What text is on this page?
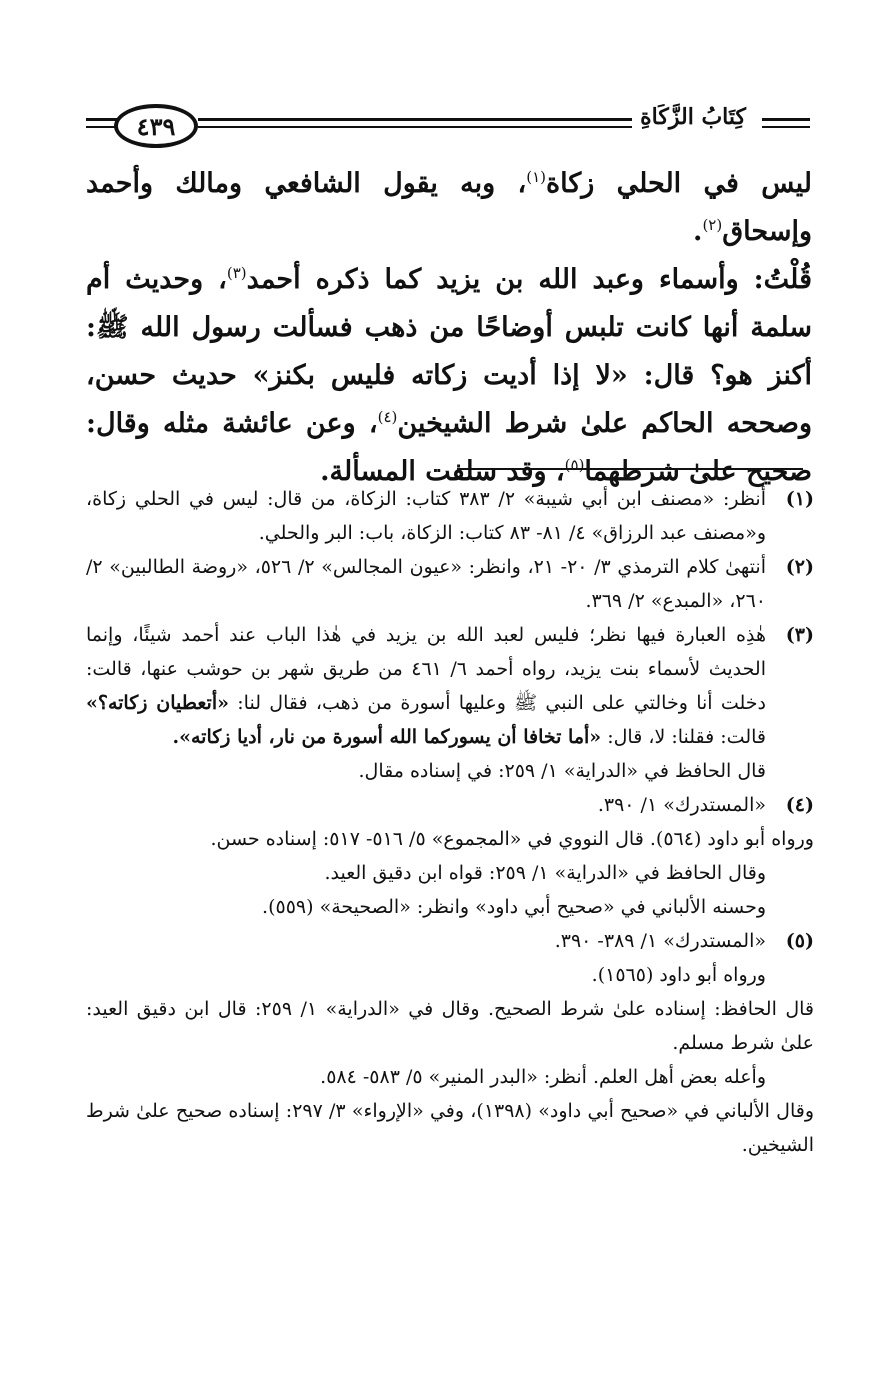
٤٣٩	كِتَابُ الزَّكَاةِ

ليس في الحلي زكاة$^{(١)}$، وبه يقول الشافعي ومالك وأحمد وإسحاق$^{(٢)}$.

قُلْتُ: وأسماء وعبد الله بن يزيد كما ذكره أحمد$^{(٣)}$، وحديث أم سلمة أنها كانت تلبس أوضاحًا من ذهب فسألت رسول الله ﷺ: أكنز هو؟ قال: «لا إذا أديت زكاته فليس بكنز» حديث حسن، وصححه الحاكم علىٰ شرط الشيخين$^{(٤)}$، وعن عائشة مثله وقال: صحيح علىٰ شرطهما$^{(٥)}$، وقد سلفت المسألة.

(١)
أنظر: «مصنف ابن أبي شيبة» ٢/ ٣٨٣ كتاب: الزكاة، من قال: ليس في الحلي زكاة، و«مصنف عبد الرزاق» ٤/ ٨١- ٨٣ كتاب: الزكاة، باب: البر والحلي.
(٢)
أنتهىٰ كلام الترمذي ٣/ ٢٠- ٢١، وانظر: «عيون المجالس» ٢/ ٥٢٦، «روضة الطالبين» ٢/ ٢٦٠، «المبدع» ٢/ ٣٦٩.
(٣)

هٰذِه العبارة فيها نظر؛ فليس لعبد الله بن يزيد في هٰذا الباب عند أحمد شيئًا، وإنما الحديث لأسماء بنت يزيد، رواه أحمد ٦/ ٤٦١ من طريق شهر بن حوشب عنها، قالت: دخلت أنا وخالتي على النبي ﷺ وعليها أسورة من ذهب، فقال لنا: «أتعطيان زكاته؟» قالت: فقلنا: لا، قال: «أما تخافا أن يسوركما الله أسورة من نار، أديا زكاته».

قال الحافظ في «الدراية» ١/ ٢٥٩: في إسناده مقال.

(٤)
«المستدرك» ١/ ٣٩٠.

ورواه أبو داود (٥٦٤). قال النووي في «المجموع» ٥/ ٥١٦- ٥١٧: إسناده حسن.

وقال الحافظ في «الدراية» ١/ ٢٥٩: قواه ابن دقيق العيد.

وحسنه الألباني في «صحيح أبي داود» وانظر: «الصحيحة» (٥٥٩).

(٥)
«المستدرك» ١/ ٣٨٩- ٣٩٠.

ورواه أبو داود (١٥٦٥).

قال الحافظ: إسناده علىٰ شرط الصحيح. وقال في «الدراية» ١/ ٢٥٩: قال ابن دقيق العيد: علىٰ شرط مسلم.

وأعله بعض أهل العلم. أنظر: «البدر المنير» ٥/ ٥٨٣- ٥٨٤.

وقال الألباني في «صحيح أبي داود» (١٣٩٨)، وفي «الإرواء» ٣/ ٢٩٧: إسناده صحيح علىٰ شرط الشيخين.
